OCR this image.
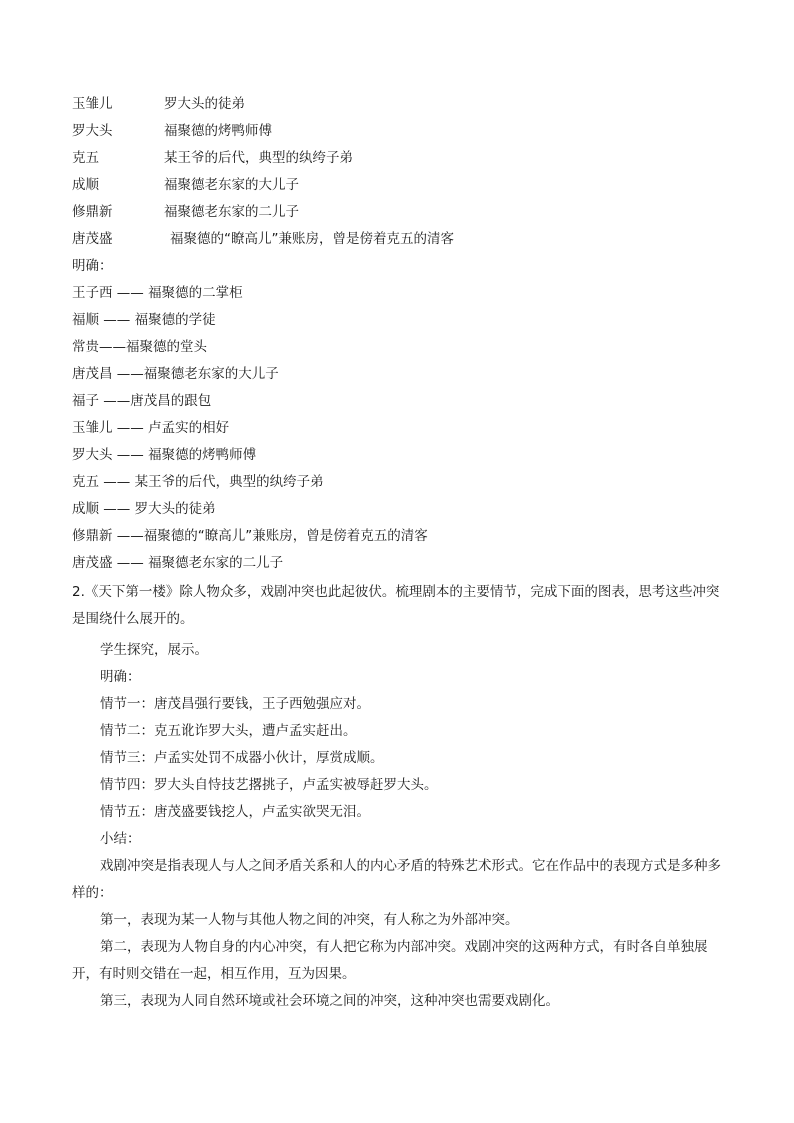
玉雏儿	罗大头的徒弟
罗大头	福聚德的烤鸭师傅
克五	某王爷的后代，典型的纨绔子弟
成顺	福聚德老东家的大儿子
修鼎新	福聚德老东家的二儿子
唐茂盛	福聚德的“瞭高儿”兼账房，曾是傍着克五的清客
明确：
王子西 —— 福聚德的二掌柜
福顺 —— 福聚德的学徒
常贵——福聚德的堂头
唐茂昌 ——福聚德老东家的大儿子
福子 ——唐茂昌的跟包
玉雏儿 —— 卢孟实的相好
罗大头 —— 福聚德的烤鸭师傅
克五 —— 某王爷的后代，典型的纨绔子弟
成顺 —— 罗大头的徒弟
修鼎新 ——福聚德的“瞭高儿”兼账房，曾是傍着克五的清客
唐茂盛 —— 福聚德老东家的二儿子
2.《天下第一楼》除人物众多，戏剧冲突也此起彼伏。梳理剧本的主要情节，完成下面的图表，思考这些冲突是围绕什么展开的。
学生探究，展示。
明确：
情节一：唐茂昌强行要钱，王子西勉强应对。
情节二：克五讹诈罗大头，遭卢孟实赶出。
情节三：卢孟实处罚不成器小伙计，厚赏成顺。
情节四：罗大头自恃技艺撂挑子，卢孟实被辱赶罗大头。
情节五：唐茂盛要钱挖人，卢孟实欲哭无泪。
小结：
戏剧冲突是指表现人与人之间矛盾关系和人的内心矛盾的特殊艺术形式。它在作品中的表现方式是多种多样的：
第一，表现为某一人物与其他人物之间的冲突，有人称之为外部冲突。
第二，表现为人物自身的内心冲突，有人把它称为内部冲突。戏剧冲突的这两种方式，有时各自单独展开，有时则交错在一起，相互作用，互为因果。
第三，表现为人同自然环境或社会环境之间的冲突，这种冲突也需要戏剧化。
